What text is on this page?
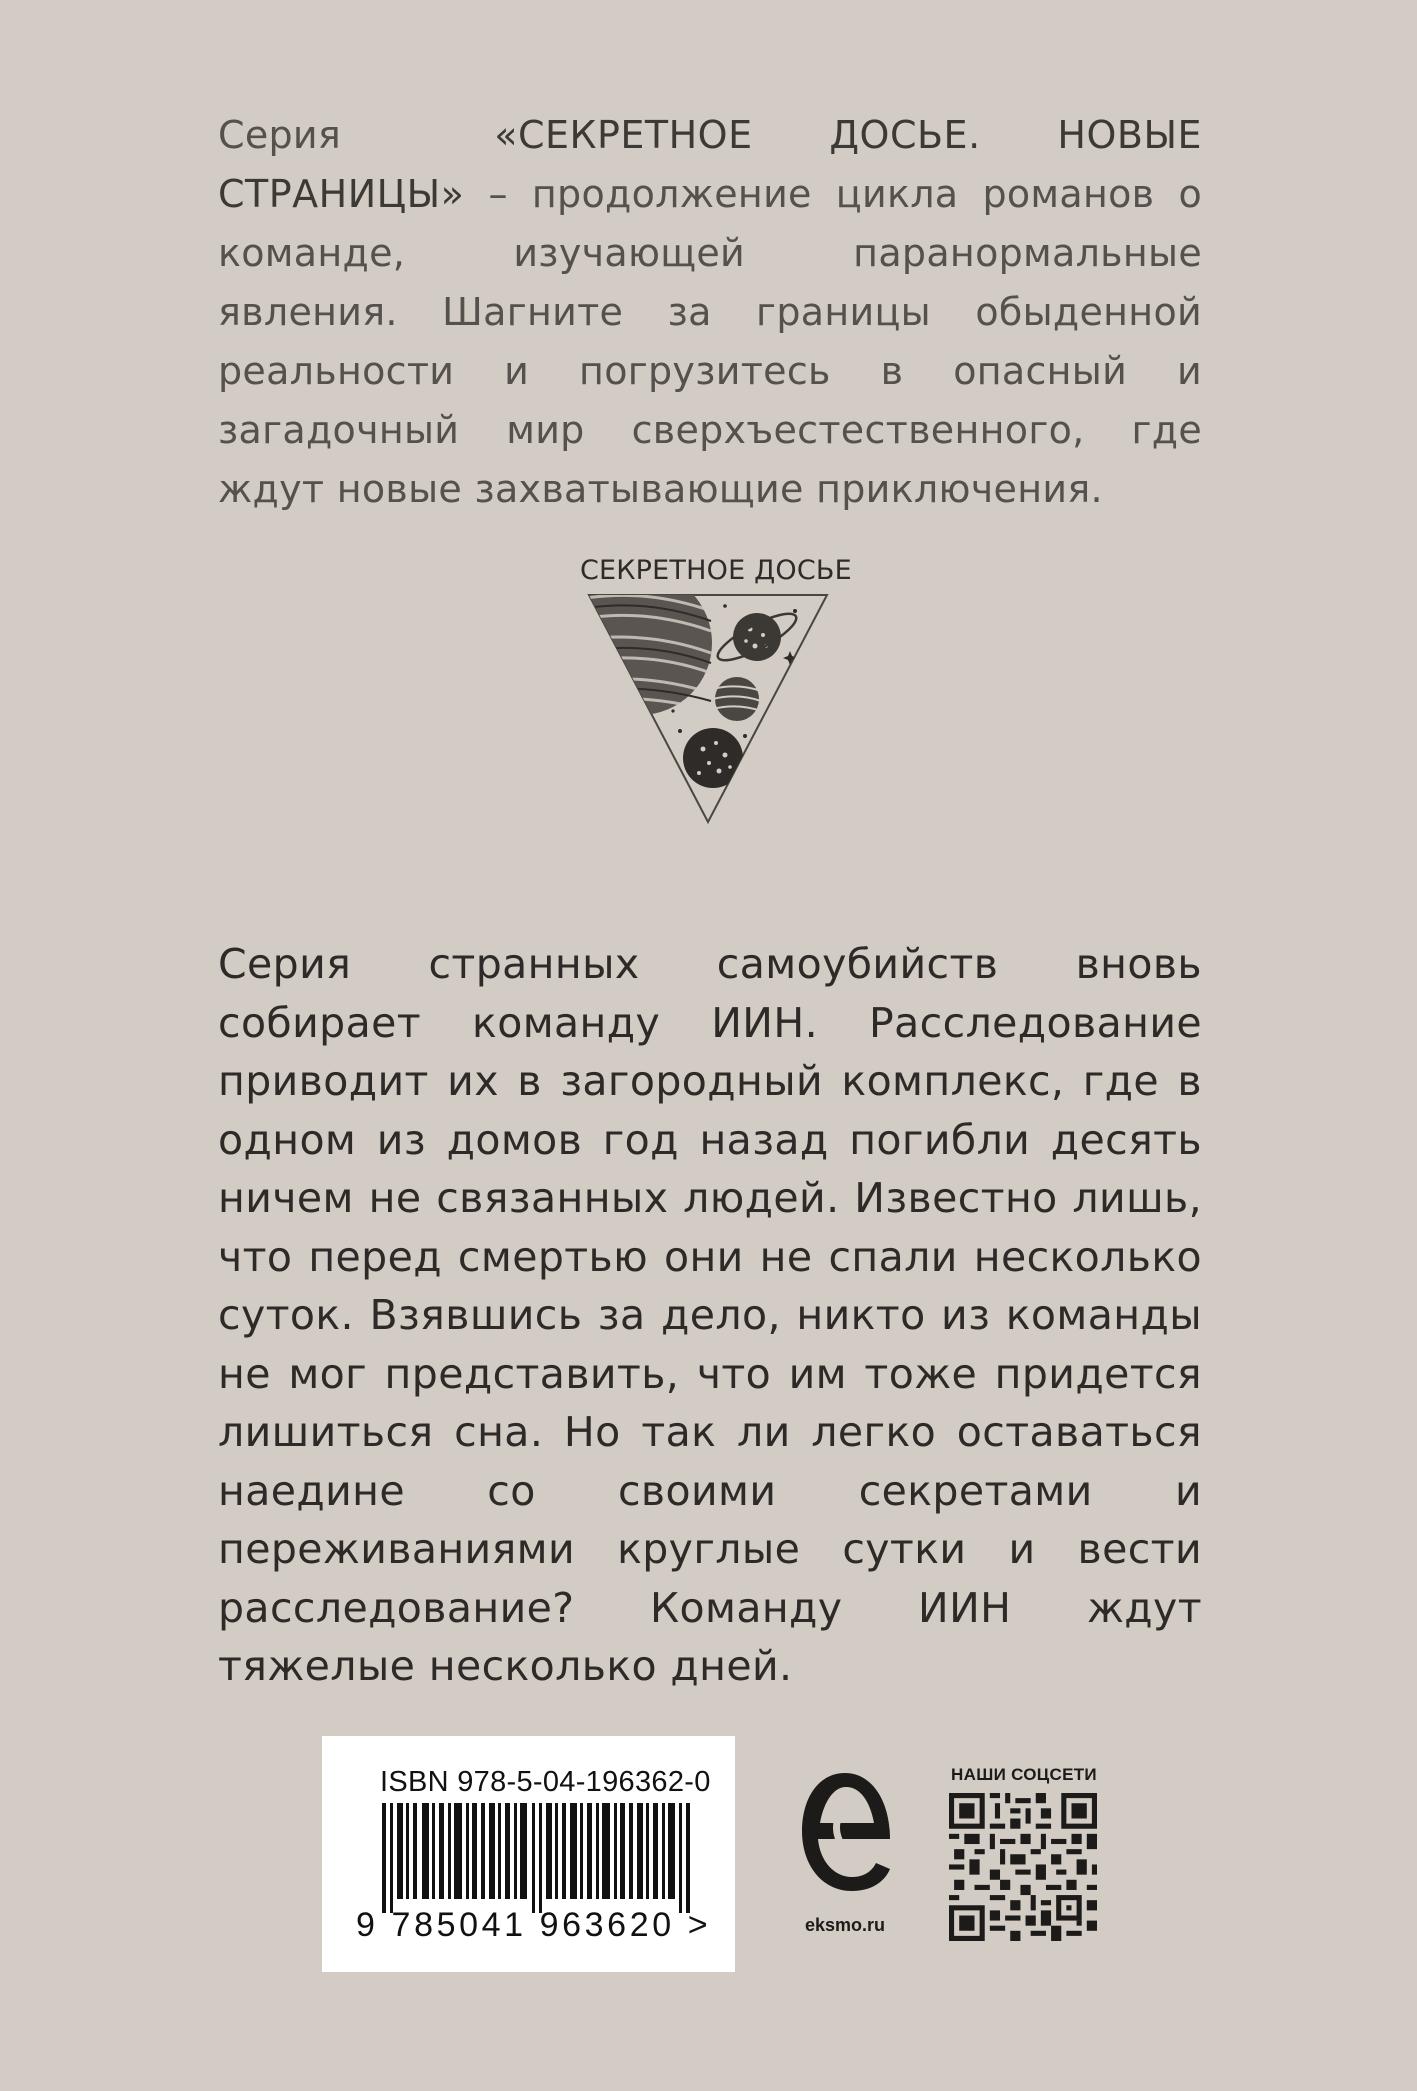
Серия	«СЕКРЕТНОЕ ДОСЬЕ. НОВЫЕ СТРАНИЦЫ» – продолжение цикла романов о команде, изучающей паранормальные явления. Шагните за границы обыденной реальности и погрузитесь в опасный и загадочный мир сверхъестественного, где ждут новые захватывающие приключения.
СЕКРЕТНОЕ ДОСЬЕ
Серия странных самоубийств вновь собирает команду ИИН. Расследование приводит их в загородный комплекс, где в одном из домов год назад погибли десять ничем не связанных людей. Известно лишь, что перед смертью они не спали несколько суток. Взявшись за дело, никто из команды не мог представить, что им тоже придется лишиться сна. Но так ли легко оставаться наедине со своими секретами и переживаниями круглые сутки и вести расследование? Команду ИИН ждут тяжелые несколько дней.
ISBN 978-5-04-196362-0
9 785041 963620 >	eksmo.ru
НАШИ СОЦСЕТИ
